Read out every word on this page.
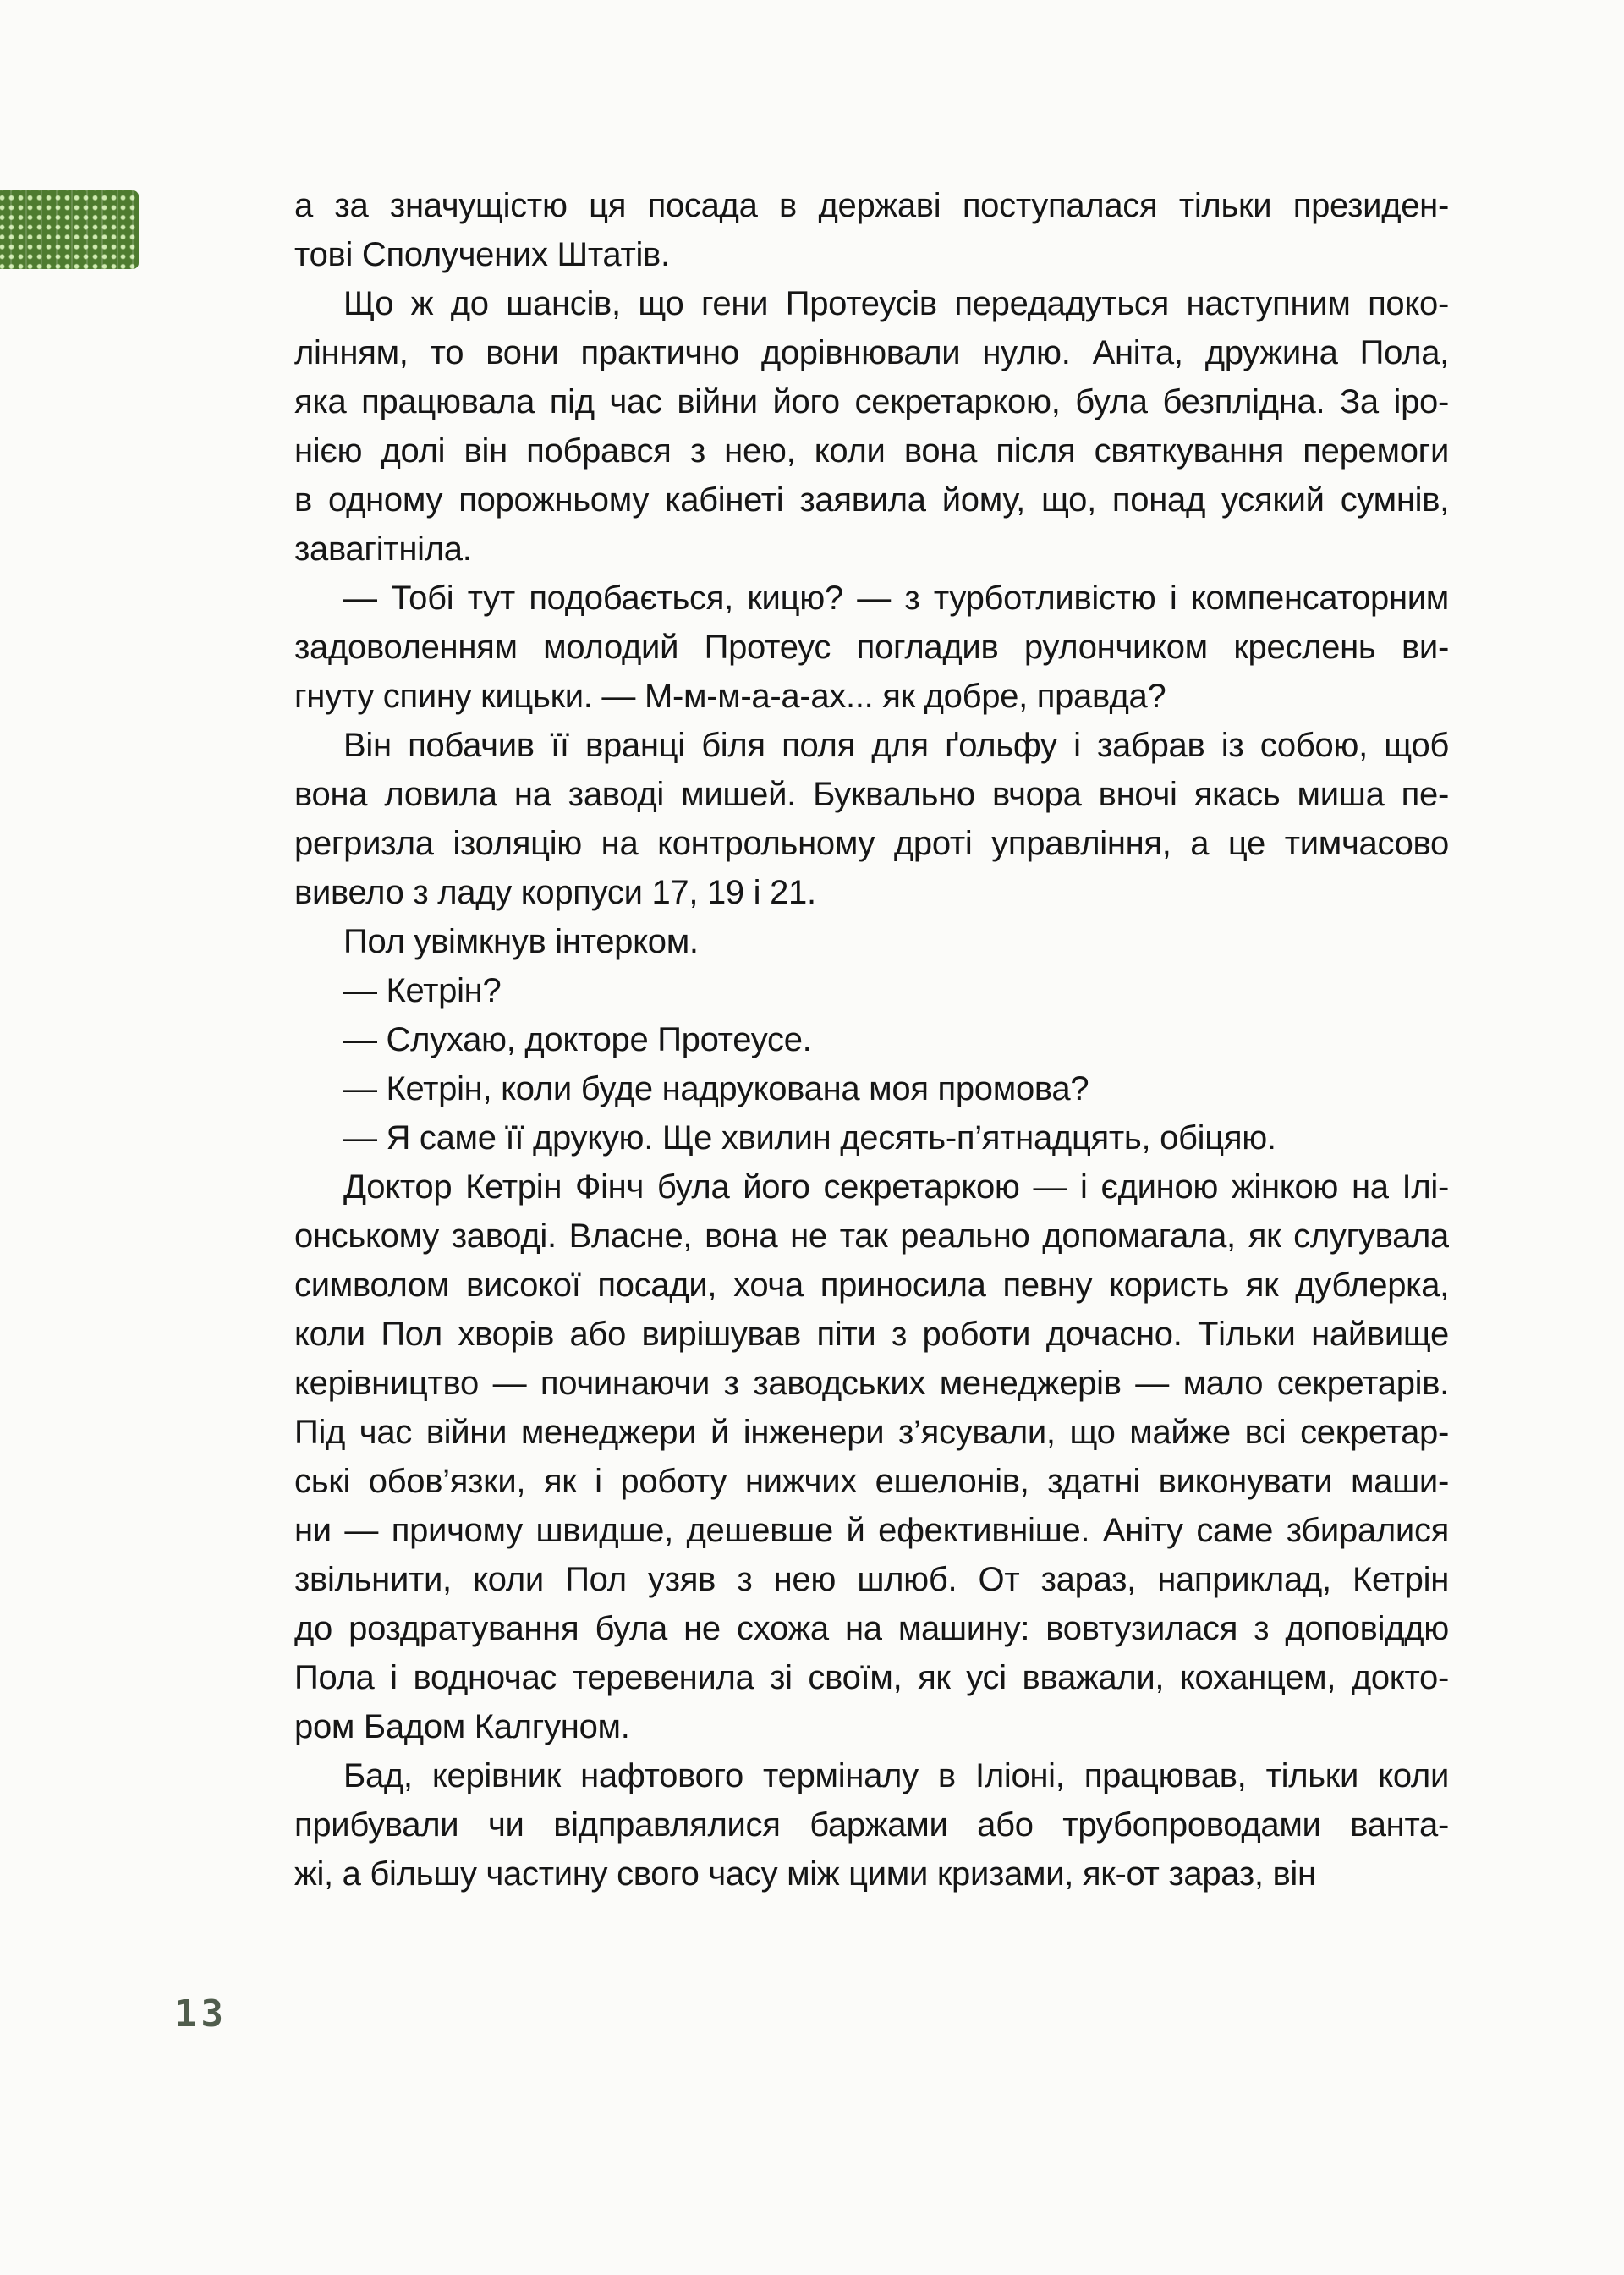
а за значущістю ця посада в державі поступалася тільки президен-
тові Сполучених Штатів.
Що ж до шансів, що гени Протеусів передадуться наступним поко-
лінням, то вони практично дорівнювали нулю. Аніта, дружина Пола,
яка працювала під час війни його секретаркою, була безплідна. За іро-
нією долі він побрався з нею, коли вона після святкування перемоги
в одному порожньому кабінеті заявила йому, що, понад усякий сумнів,
завагітніла.
— Тобі тут подобається, кицю? — з турботливістю і компенсаторним
задоволенням молодий Протеус погладив рулончиком креслень ви-
гнуту спину кицьки. — М-м-м-а-а-ах... як добре, правда?
Він побачив її вранці біля поля для ґольфу і забрав із собою, щоб
вона ловила на заводі мишей. Буквально вчора вночі якась миша пе-
регризла ізоляцію на контрольному дроті управління, а це тимчасово
вивело з ладу корпуси 17, 19 і 21.
Пол увімкнув інтерком.
— Кетрін?
— Слухаю, докторе Протеусе.
— Кетрін, коли буде надрукована моя промова?
— Я саме її друкую. Ще хвилин десять-п’ятнадцять, обіцяю.
Доктор Кетрін Фінч була його секретаркою — і єдиною жінкою на Ілі-
онському заводі. Власне, вона не так реально допомагала, як слугувала
символом високої посади, хоча приносила певну користь як дублерка,
коли Пол хворів або вирішував піти з роботи дочасно. Тільки найвище
керівництво — починаючи з заводських менеджерів — мало секретарів.
Під час війни менеджери й інженери з’ясували, що майже всі секретар-
ські обов’язки, як і роботу нижчих ешелонів, здатні виконувати маши-
ни — причому швидше, дешевше й ефективніше. Аніту саме збиралися
звільнити, коли Пол узяв з нею шлюб. От зараз, наприклад, Кетрін
до роздратування була не схожа на машину: вовтузилася з доповіддю
Пола і водночас теревенила зі своїм, як усі вважали, коханцем, докто-
ром Бадом Калгуном.
Бад, керівник нафтового терміналу в Іліоні, працював, тільки коли
прибували чи відправлялися баржами або трубопроводами ванта-
жі, а більшу частину свого часу між цими кризами, як-от зараз, він
13
